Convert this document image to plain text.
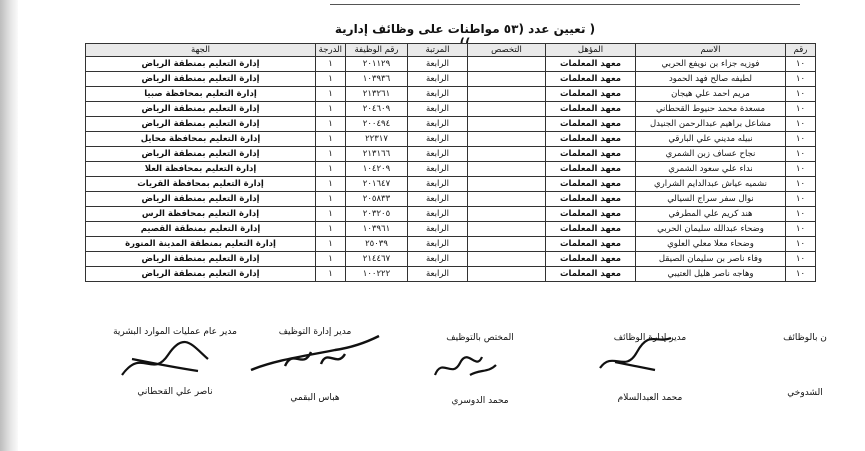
( تعيين عدد (٥٣ مواطنات على وظائف إدارية
رقم	الاسم	المؤهل	التخصص	المرتبة	رقم الوظيفة	الدرجة	الجهة
١٠	فوزيه جزاء بن نويفع الحربي	معهد المعلمات		الرابعة	٢٠١١٢٩	١	إدارة التعليم بمنطقة الرياض
١٠	لطيفه صالح فهد الحمود	معهد المعلمات		الرابعة	١٠٣٩٣٦	١	إدارة التعليم بمنطقة الرياض
١٠	مريم احمد علي هيجان	معهد المعلمات		الرابعة	٢١٣٢٦١	١	إدارة التعليم بمحافظة صبيا
١٠	مسعدة محمد حنيوط القحطاني	معهد المعلمات		الرابعة	٢٠٤٦٠٩	١	إدارة التعليم بمنطقة الرياض
١٠	مشاعل براهيم عبدالرحمن الجنيدل	معهد المعلمات		الرابعة	٢٠٠٤٩٤	١	إدارة التعليم بمنطقة الرياض
١٠	نبيله مديني علي البارقي	معهد المعلمات		الرابعة	٢٢٣١٧	١	إدارة التعليم بمحافظة محايل
١٠	نجاح عساف زبن الشمري	معهد المعلمات		الرابعة	٢١٣١٦٦	١	إدارة التعليم بمنطقة الرياض
١٠	نداء علي سعود الشمري	معهد المعلمات		الرابعة	١٠٤٢٠٩	١	إدارة التعليم بمحافظة العلا
١٠	نشميه عياش عبدالدايم الشراري	معهد المعلمات		الرابعة	٢٠١٦٤٧	١	إدارة التعليم بمحافظة القريات
١٠	نوال سفر سراج السيالي	معهد المعلمات		الرابعة	٢٠٥٨٣٣	١	إدارة التعليم بمنطقة الرياض
١٠	هند كريم علي المطرفي	معهد المعلمات		الرابعة	٢٠٣٢٠٥	١	إدارة التعليم بمحافظة الرس
١٠	وضحاء عبدالله سليمان الحربي	معهد المعلمات		الرابعة	١٠٣٩٦١	١	إدارة التعليم بمنطقة القصيم
١٠	وضحاء معلا معلي العلوي	معهد المعلمات		الرابعة	٢٥٠٣٩	١	إدارة التعليم بمنطقة المدينة المنورة
١٠	وفاء ناصر بن سليمان الصيقل	معهد المعلمات		الرابعة	٢١٤٤٦٧	١	إدارة التعليم بمنطقة الرياض
١٠	وهاجه ناصر هليل العتيبي	معهد المعلمات		الرابعة	١٠٠٢٢٢	١	إدارة التعليم بمنطقة الرياض
ن بالوظائف
الشدوخي
مدير إدارة الوظائف
محمد العبدالسلام
المختص بالتوظيف
محمد الدوسري
مدير إدارة التوظيف
هباس البقمي
مدير عام عمليات الموارد البشرية
ناصر علي القحطاني
